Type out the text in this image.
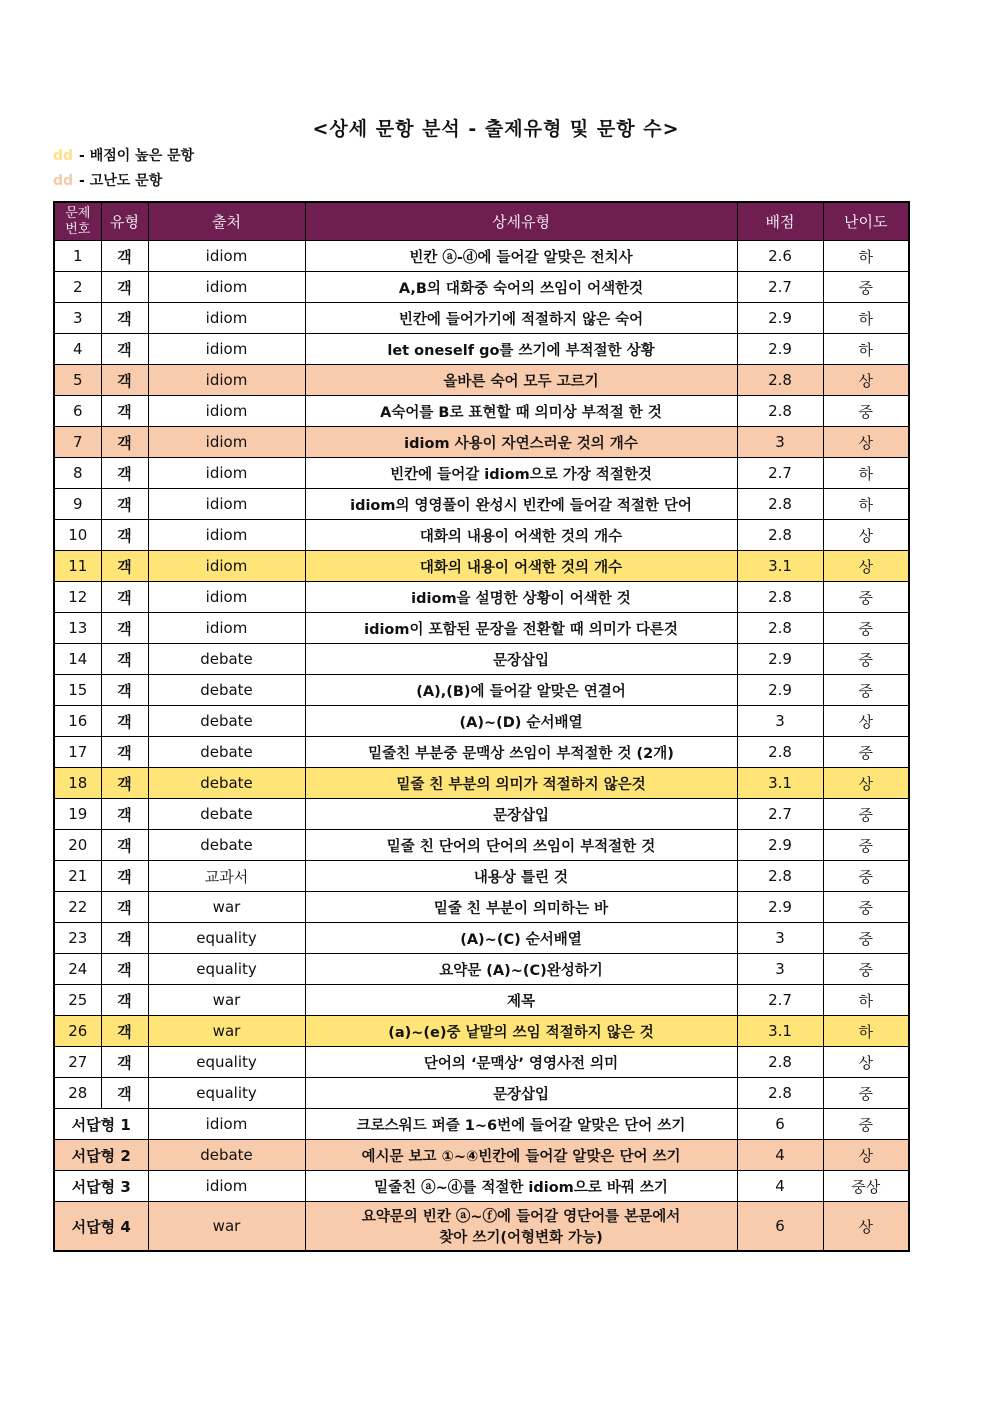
<상세 문항 분석 - 출제유형 및 문항 수>
dd - 배점이 높은 문항
dd - 고난도 문항
문제
번호	유형	출처	상세유형	배점	난이도
1	객	idiom	빈칸 ⓐ-ⓓ에 들어갈 알맞은 전치사	2.6	하
2	객	idiom	A,B의 대화중 숙어의 쓰임이 어색한것	2.7	중
3	객	idiom	빈칸에 들어가기에 적절하지 않은 숙어	2.9	하
4	객	idiom	let oneself go를 쓰기에 부적절한 상황	2.9	하
5	객	idiom	올바른 숙어 모두 고르기	2.8	상
6	객	idiom	A숙어를 B로 표현할 때 의미상 부적절 한 것	2.8	중
7	객	idiom	idiom 사용이 자연스러운 것의 개수	3	상
8	객	idiom	빈칸에 들어갈 idiom으로 가장 적절한것	2.7	하
9	객	idiom	idiom의 영영풀이 완성시 빈칸에 들어갈 적절한 단어	2.8	하
10	객	idiom	대화의 내용이 어색한 것의 개수	2.8	상
11	객	idiom	대화의 내용이 어색한 것의 개수	3.1	상
12	객	idiom	idiom을 설명한 상황이 어색한 것	2.8	중
13	객	idiom	idiom이 포함된 문장을 전환할 때 의미가 다른것	2.8	중
14	객	debate	문장삽입	2.9	중
15	객	debate	(A),(B)에 들어갈 알맞은 연결어	2.9	중
16	객	debate	(A)~(D) 순서배열	3	상
17	객	debate	밑줄친 부분중 문맥상 쓰임이 부적절한 것 (2개)	2.8	중
18	객	debate	밑줄 친 부분의 의미가 적절하지 않은것	3.1	상
19	객	debate	문장삽입	2.7	중
20	객	debate	밑줄 친 단어의 단어의 쓰임이 부적절한 것	2.9	중
21	객	교과서	내용상 틀린 것	2.8	중
22	객	war	밑줄 친 부분이 의미하는 바	2.9	중
23	객	equality	(A)~(C) 순서배열	3	중
24	객	equality	요약문 (A)~(C)완성하기	3	중
25	객	war	제목	2.7	하
26	객	war	(a)~(e)중 낱말의 쓰임 적절하지 않은 것	3.1	하
27	객	equality	단어의 ‘문맥상’ 영영사전 의미	2.8	상
28	객	equality	문장삽입	2.8	중
서답형 1		idiom	크로스워드 퍼즐 1~6번에 들어갈 알맞은 단어 쓰기	6	중
서답형 2		debate	예시문 보고 ①~④빈칸에 들어갈 알맞은 단어 쓰기	4	상
서답형 3		idiom	밑줄친 ⓐ~ⓓ를 적절한 idiom으로 바꿔 쓰기	4	중상
서답형 4		war	요약문의 빈칸 ⓐ~ⓕ에 들어갈 영단어를 본문에서
찾아 쓰기(어형변화 가능)	6	상
